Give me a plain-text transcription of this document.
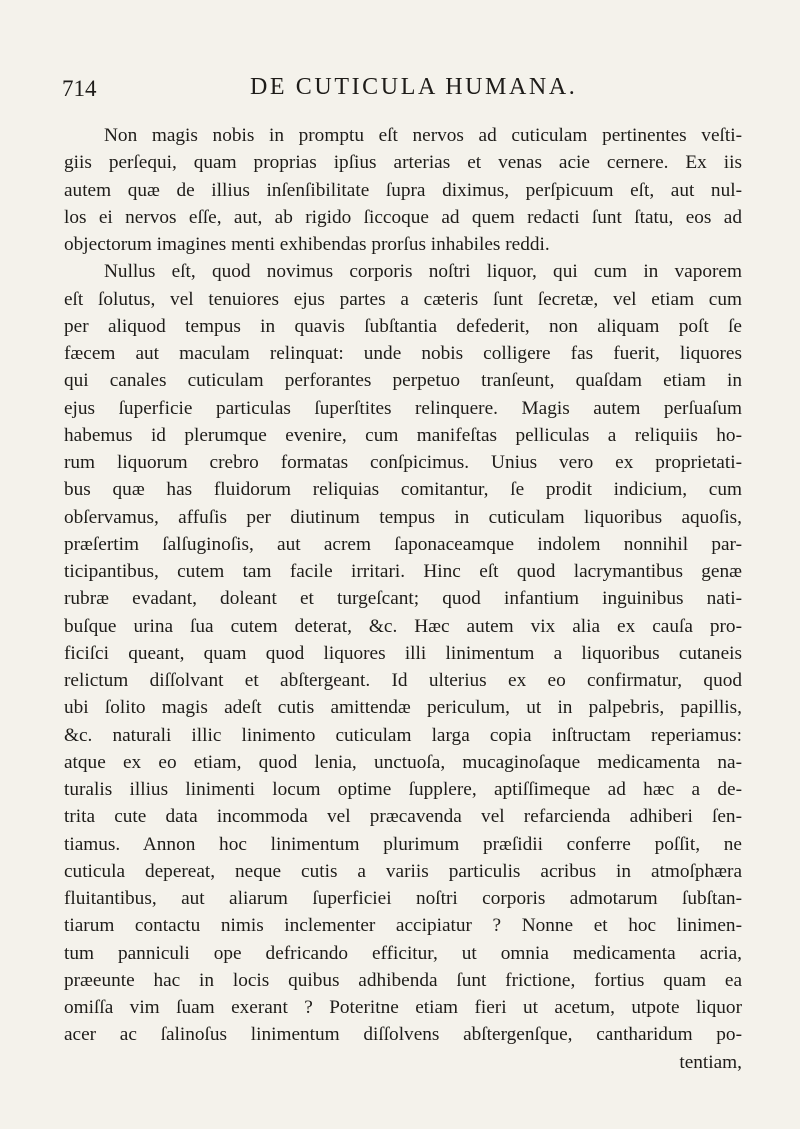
714	DE CUTICULA HUMANA.
Non magis nobis in promptu eſt nervos ad cuticulam pertinentes veſti-
giis perſequi, quam proprias ipſius arterias et venas acie cernere. Ex iis
autem quæ de illius inſenſibilitate ſupra diximus, perſpicuum eſt, aut nul-
los ei nervos eſſe, aut, ab rigido ſiccoque ad quem redacti ſunt ſtatu, eos ad
objectorum imagines menti exhibendas prorſus inhabiles reddi.
Nullus eſt, quod novimus corporis noſtri liquor, qui cum in vaporem
eſt ſolutus, vel tenuiores ejus partes a cæteris ſunt ſecretæ, vel etiam cum
per aliquod tempus in quavis ſubſtantia defederit, non aliquam poſt ſe
fæcem aut maculam relinquat: unde nobis colligere fas fuerit, liquores
qui canales cuticulam perforantes perpetuo tranſeunt, quaſdam etiam in
ejus ſuperficie particulas ſuperſtites relinquere. Magis autem perſuaſum
habemus id plerumque evenire, cum manifeſtas pelliculas a reliquiis ho-
rum liquorum crebro formatas conſpicimus. Unius vero ex proprietati-
bus quæ has fluidorum reliquias comitantur, ſe prodit indicium, cum
obſervamus, affuſis per diutinum tempus in cuticulam liquoribus aquoſis,
præſertim ſalſuginoſis, aut acrem ſaponaceamque indolem nonnihil par-
ticipantibus, cutem tam facile irritari. Hinc eſt quod lacrymantibus genæ
rubræ evadant, doleant et turgeſcant; quod infantium inguinibus nati-
buſque urina ſua cutem deterat, &c. Hæc autem vix alia ex cauſa pro-
ficiſci queant, quam quod liquores illi linimentum a liquoribus cutaneis
relictum diſſolvant et abſtergeant. Id ulterius ex eo confirmatur, quod
ubi ſolito magis adeſt cutis amittendæ periculum, ut in palpebris, papillis,
&c. naturali illic linimento cuticulam larga copia inſtructam reperiamus:
atque ex eo etiam, quod lenia, unctuoſa, mucaginoſaque medicamenta na-
turalis illius linimenti locum optime ſupplere, aptiſſimeque ad hæc a de-
trita cute data incommoda vel præcavenda vel refarcienda adhiberi ſen-
tiamus. Annon hoc linimentum plurimum præſidii conferre poſſit, ne
cuticula depereat, neque cutis a variis particulis acribus in atmoſphæra
fluitantibus, aut aliarum ſuperficiei noſtri corporis admotarum ſubſtan-
tiarum contactu nimis inclementer accipiatur ? Nonne et hoc linimen-
tum panniculi ope defricando efficitur, ut omnia medicamenta acria,
præeunte hac in locis quibus adhibenda ſunt frictione, fortius quam ea
omiſſa vim ſuam exerant ? Poteritne etiam fieri ut acetum, utpote liquor
acer ac ſalinoſus linimentum diſſolvens abſtergenſque, cantharidum po-
tentiam,
